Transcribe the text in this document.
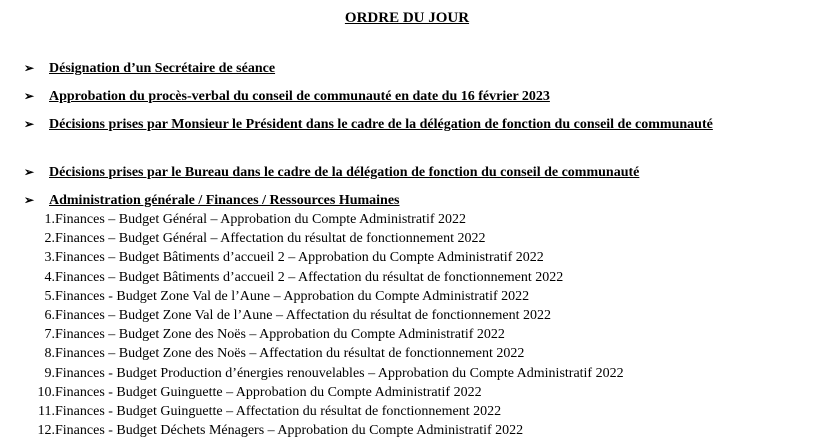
ORDRE DU JOUR
➢	Désignation d’un Secrétaire de séance
➢	Approbation du procès-verbal du conseil de communauté en date du 16 février 2023
➢	Décisions prises par Monsieur le Président dans le cadre de la délégation de fonction du conseil de communauté
➢	Décisions prises par le Bureau dans le cadre de la délégation de fonction du conseil de communauté
➢	Administration générale / Finances / Ressources Humaines
1. Finances – Budget Général – Approbation du Compte Administratif 2022
2. Finances – Budget Général – Affectation du résultat de fonctionnement 2022
3. Finances – Budget Bâtiments d’accueil 2 – Approbation du Compte Administratif 2022
4. Finances – Budget Bâtiments d’accueil 2 – Affectation du résultat de fonctionnement 2022
5. Finances - Budget Zone Val de l’Aune – Approbation du Compte Administratif 2022
6. Finances – Budget Zone Val de l’Aune – Affectation du résultat de fonctionnement 2022
7. Finances – Budget Zone des Noës – Approbation du Compte Administratif 2022
8. Finances – Budget Zone des Noës – Affectation du résultat de fonctionnement 2022
9. Finances - Budget Production d’énergies renouvelables – Approbation du Compte Administratif 2022
10. Finances - Budget Guinguette – Approbation du Compte Administratif 2022
11. Finances - Budget Guinguette – Affectation du résultat de fonctionnement 2022
12. Finances - Budget Déchets Ménagers – Approbation du Compte Administratif 2022
